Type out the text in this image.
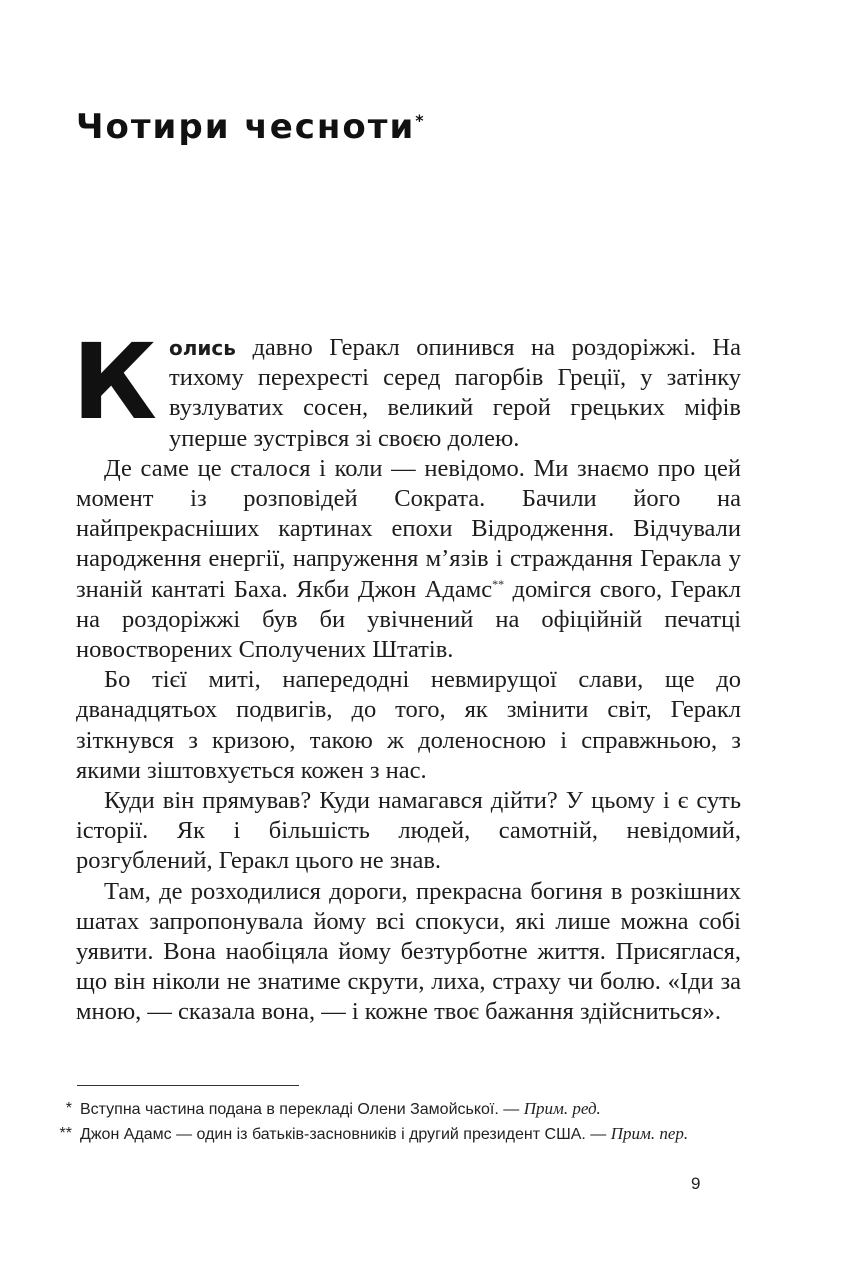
Чотири чесноти*

Колись давно Геракл опинився на роздоріжжі. На тихому перехресті серед пагорбів Греції, у затінку вузлуватих сосен, великий герой грецьких міфів уперше зустрівся зі своєю долею.

Де саме це сталося і коли — невідомо. Ми знаємо про цей момент із розповідей Сократа. Бачили його на найпрекрасніших картинах епохи Відродження. Відчували народження енергії, напруження м’язів і страждання Геракла у знаній кантаті Баха. Якби Джон Адамс** домігся свого, Геракл на роздоріжжі був би увічнений на офіційній печатці новостворених Сполучених Штатів.

Бо тієї миті, напередодні невмирущої слави, ще до дванадцятьох подвигів, до того, як змінити світ, Геракл зіткнувся з кризою, такою ж доленосною і справжньою, з якими зіштовхується кожен з нас.

Куди він прямував? Куди намагався дійти? У цьому і є суть історії. Як і більшість людей, самотній, невідомий, розгублений, Геракл цього не знав.

Там, де розходилися дороги, прекрасна богиня в розкішних шатах запропонувала йому всі спокуси, які лише можна собі уявити. Вона наобіцяла йому безтурботне життя. Присяглася, що він ніколи не знатиме скрути, лиха, страху чи болю. «Іди за мною, — сказала вона, — і кожне твоє бажання здійсниться».

* Вступна частина подана в перекладі Олени Замойської. — Прим. ред.
** Джон Адамс — один із батьків-засновників і другий президент США. — Прим. пер.
9
